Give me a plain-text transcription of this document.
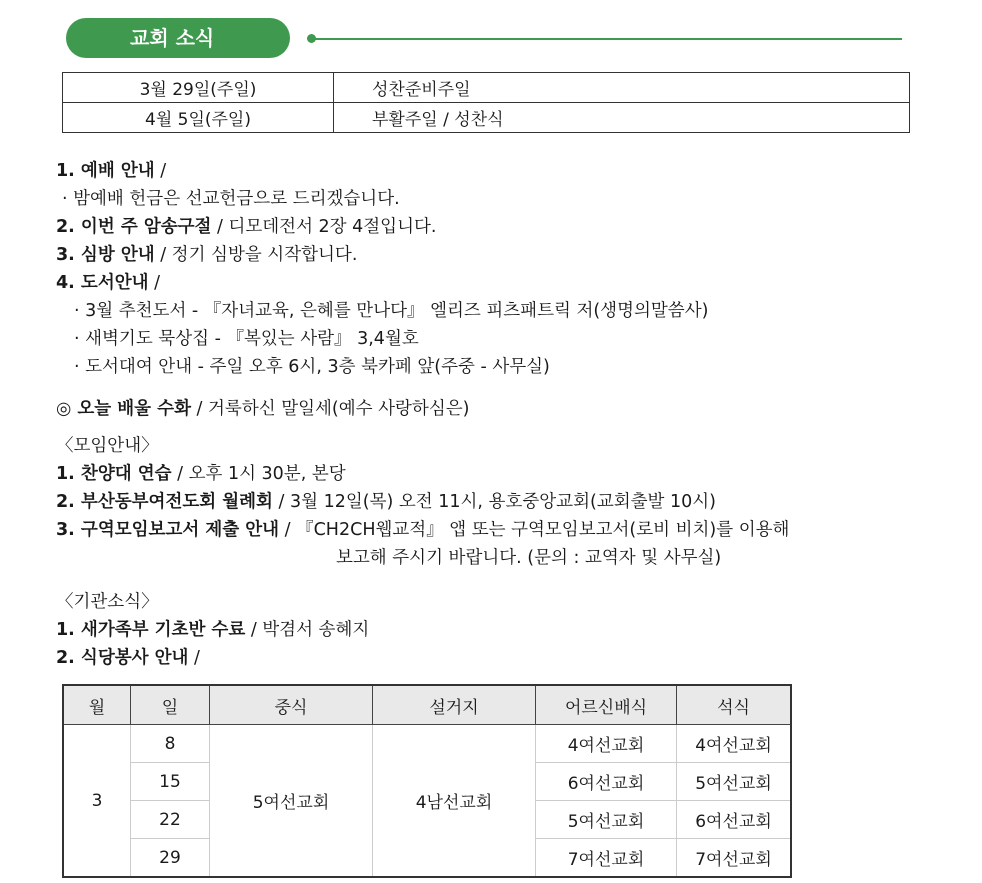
교회 소식
3월 29일(주일)	성찬준비주일
4월 5일(주일)	부활주일 / 성찬식
1. 예배 안내 /
· 밤예배 헌금은 선교헌금으로 드리겠습니다.
2. 이번 주 암송구절 / 디모데전서 2장 4절입니다.
3. 심방 안내 / 정기 심방을 시작합니다.
4. 도서안내 /
· 3월 추천도서 - 『자녀교육, 은혜를 만나다』 엘리즈 피츠패트릭 저(생명의말씀사)
· 새벽기도 묵상집 - 『복있는 사람』 3,4월호
· 도서대여 안내 - 주일 오후 6시, 3층 북카페 앞(주중 - 사무실)
◎ 오늘 배울 수화 / 거룩하신 말일세(예수 사랑하심은)
〈모임안내〉
1. 찬양대 연습 / 오후 1시 30분, 본당
2. 부산동부여전도회 월례회 / 3월 12일(목) 오전 11시, 용호중앙교회(교회출발 10시)
3. 구역모임보고서 제출 안내 / 『CH2CH웹교적』 앱 또는 구역모임보고서(로비 비치)를 이용해
보고해 주시기 바랍니다. (문의 : 교역자 및 사무실)
〈기관소식〉
1. 새가족부 기초반 수료 / 박겸서 송혜지
2. 식당봉사 안내 /
월	일	중식	설거지	어르신배식	석식
3	8	5여선교회	4남선교회	4여선교회	4여선교회
	15			6여선교회	5여선교회
	22			5여선교회	6여선교회
	29			7여선교회	7여선교회
